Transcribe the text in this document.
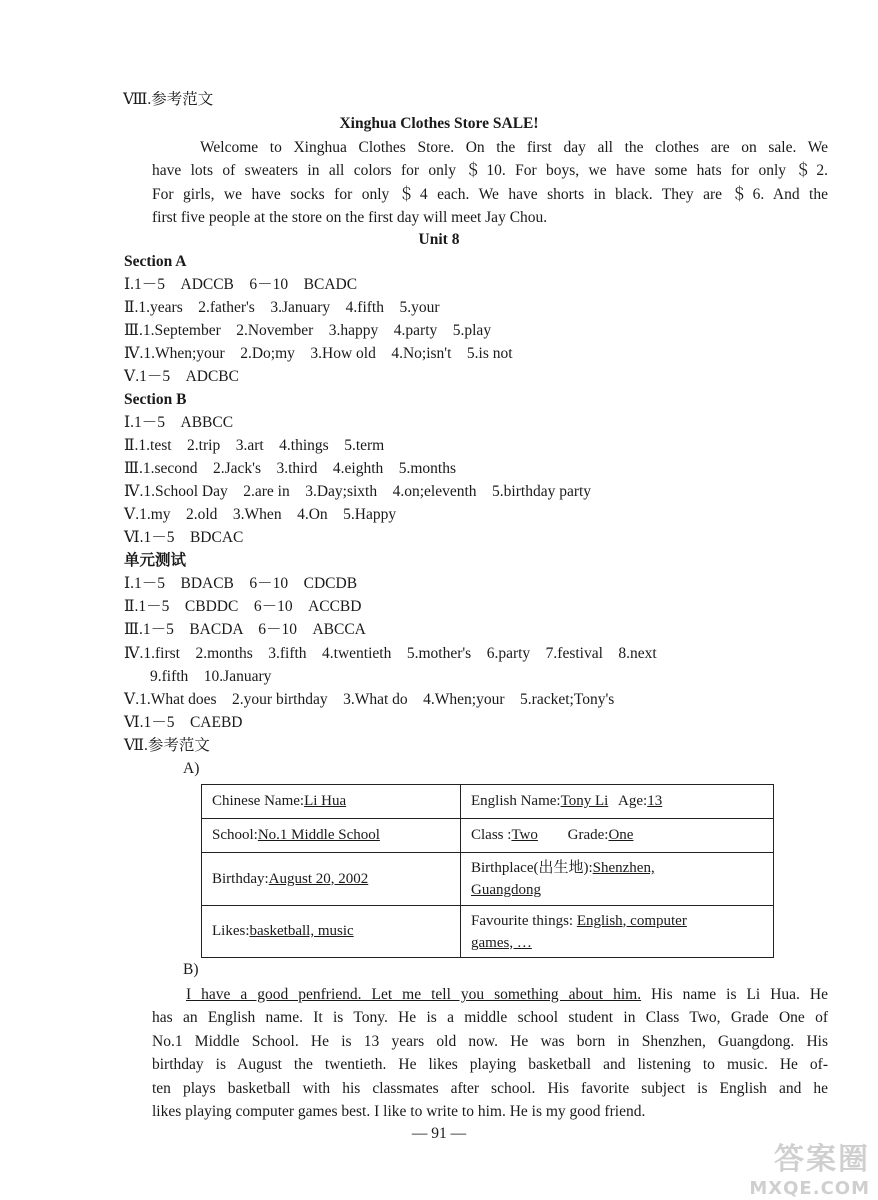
Ⅷ.参考范文
Xinghua Clothes Store SALE!
Welcome to Xinghua Clothes Store. On the first day all the clothes are on sale. We
have lots of sweaters in all colors for only ＄10. For boys, we have some hats for only ＄2.
For girls, we have socks for only ＄4 each. We have shorts in black. They are ＄6. And the
first five people at the store on the first day will meet Jay Chou.
Unit 8
Section A
Ⅰ.1－5　ADCCB　6－10　BCADC
Ⅱ.1.years　2.father's　3.January　4.fifth　5.your
Ⅲ.1.September　2.November　3.happy　4.party　5.play
Ⅳ.1.When;your　2.Do;my　3.How old　4.No;isn't　5.is not
Ⅴ.1－5　ADCBC
Section B
Ⅰ.1－5　ABBCC
Ⅱ.1.test　2.trip　3.art　4.things　5.term
Ⅲ.1.second　2.Jack's　3.third　4.eighth　5.months
Ⅳ.1.School Day　2.are in　3.Day;sixth　4.on;eleventh　5.birthday party
Ⅴ.1.my　2.old　3.When　4.On　5.Happy
Ⅵ.1－5　BDCAC
单元测试
Ⅰ.1－5　BDACB　6－10　CDCDB
Ⅱ.1－5　CBDDC　6－10　ACCBD
Ⅲ.1－5　BACDA　6－10　ABCCA
Ⅳ.1.first　2.months　3.fifth　4.twentieth　5.mother's　6.party　7.festival　8.next
9.fifth　10.January
Ⅴ.1.What does　2.your birthday　3.What do　4.When;your　5.racket;Tony's
Ⅵ.1－5　CAEBD
Ⅶ.参考范文
A)
Chinese Name:Li Hua	English Name:Tony Li Age:13
School:No.1 Middle School	Class :Two Grade:One
Birthday:August 20, 2002	Birthplace(出生地):Shenzhen,
Guangdong
Likes:basketball, music	Favourite things: English, computer
games, …
B)
I have a good penfriend. Let me tell you something about him. His name is Li Hua. He
has an English name. It is Tony. He is a middle school student in Class Two, Grade One of
No.1 Middle School. He is 13 years old now. He was born in Shenzhen, Guangdong. His
birthday is August the twentieth. He likes playing basketball and listening to music. He of-
ten plays basketball with his classmates after school. His favorite subject is English and he
likes playing computer games best. I like to write to him. He is my good friend.
— 91 —
答案圈
MXQE.COM
